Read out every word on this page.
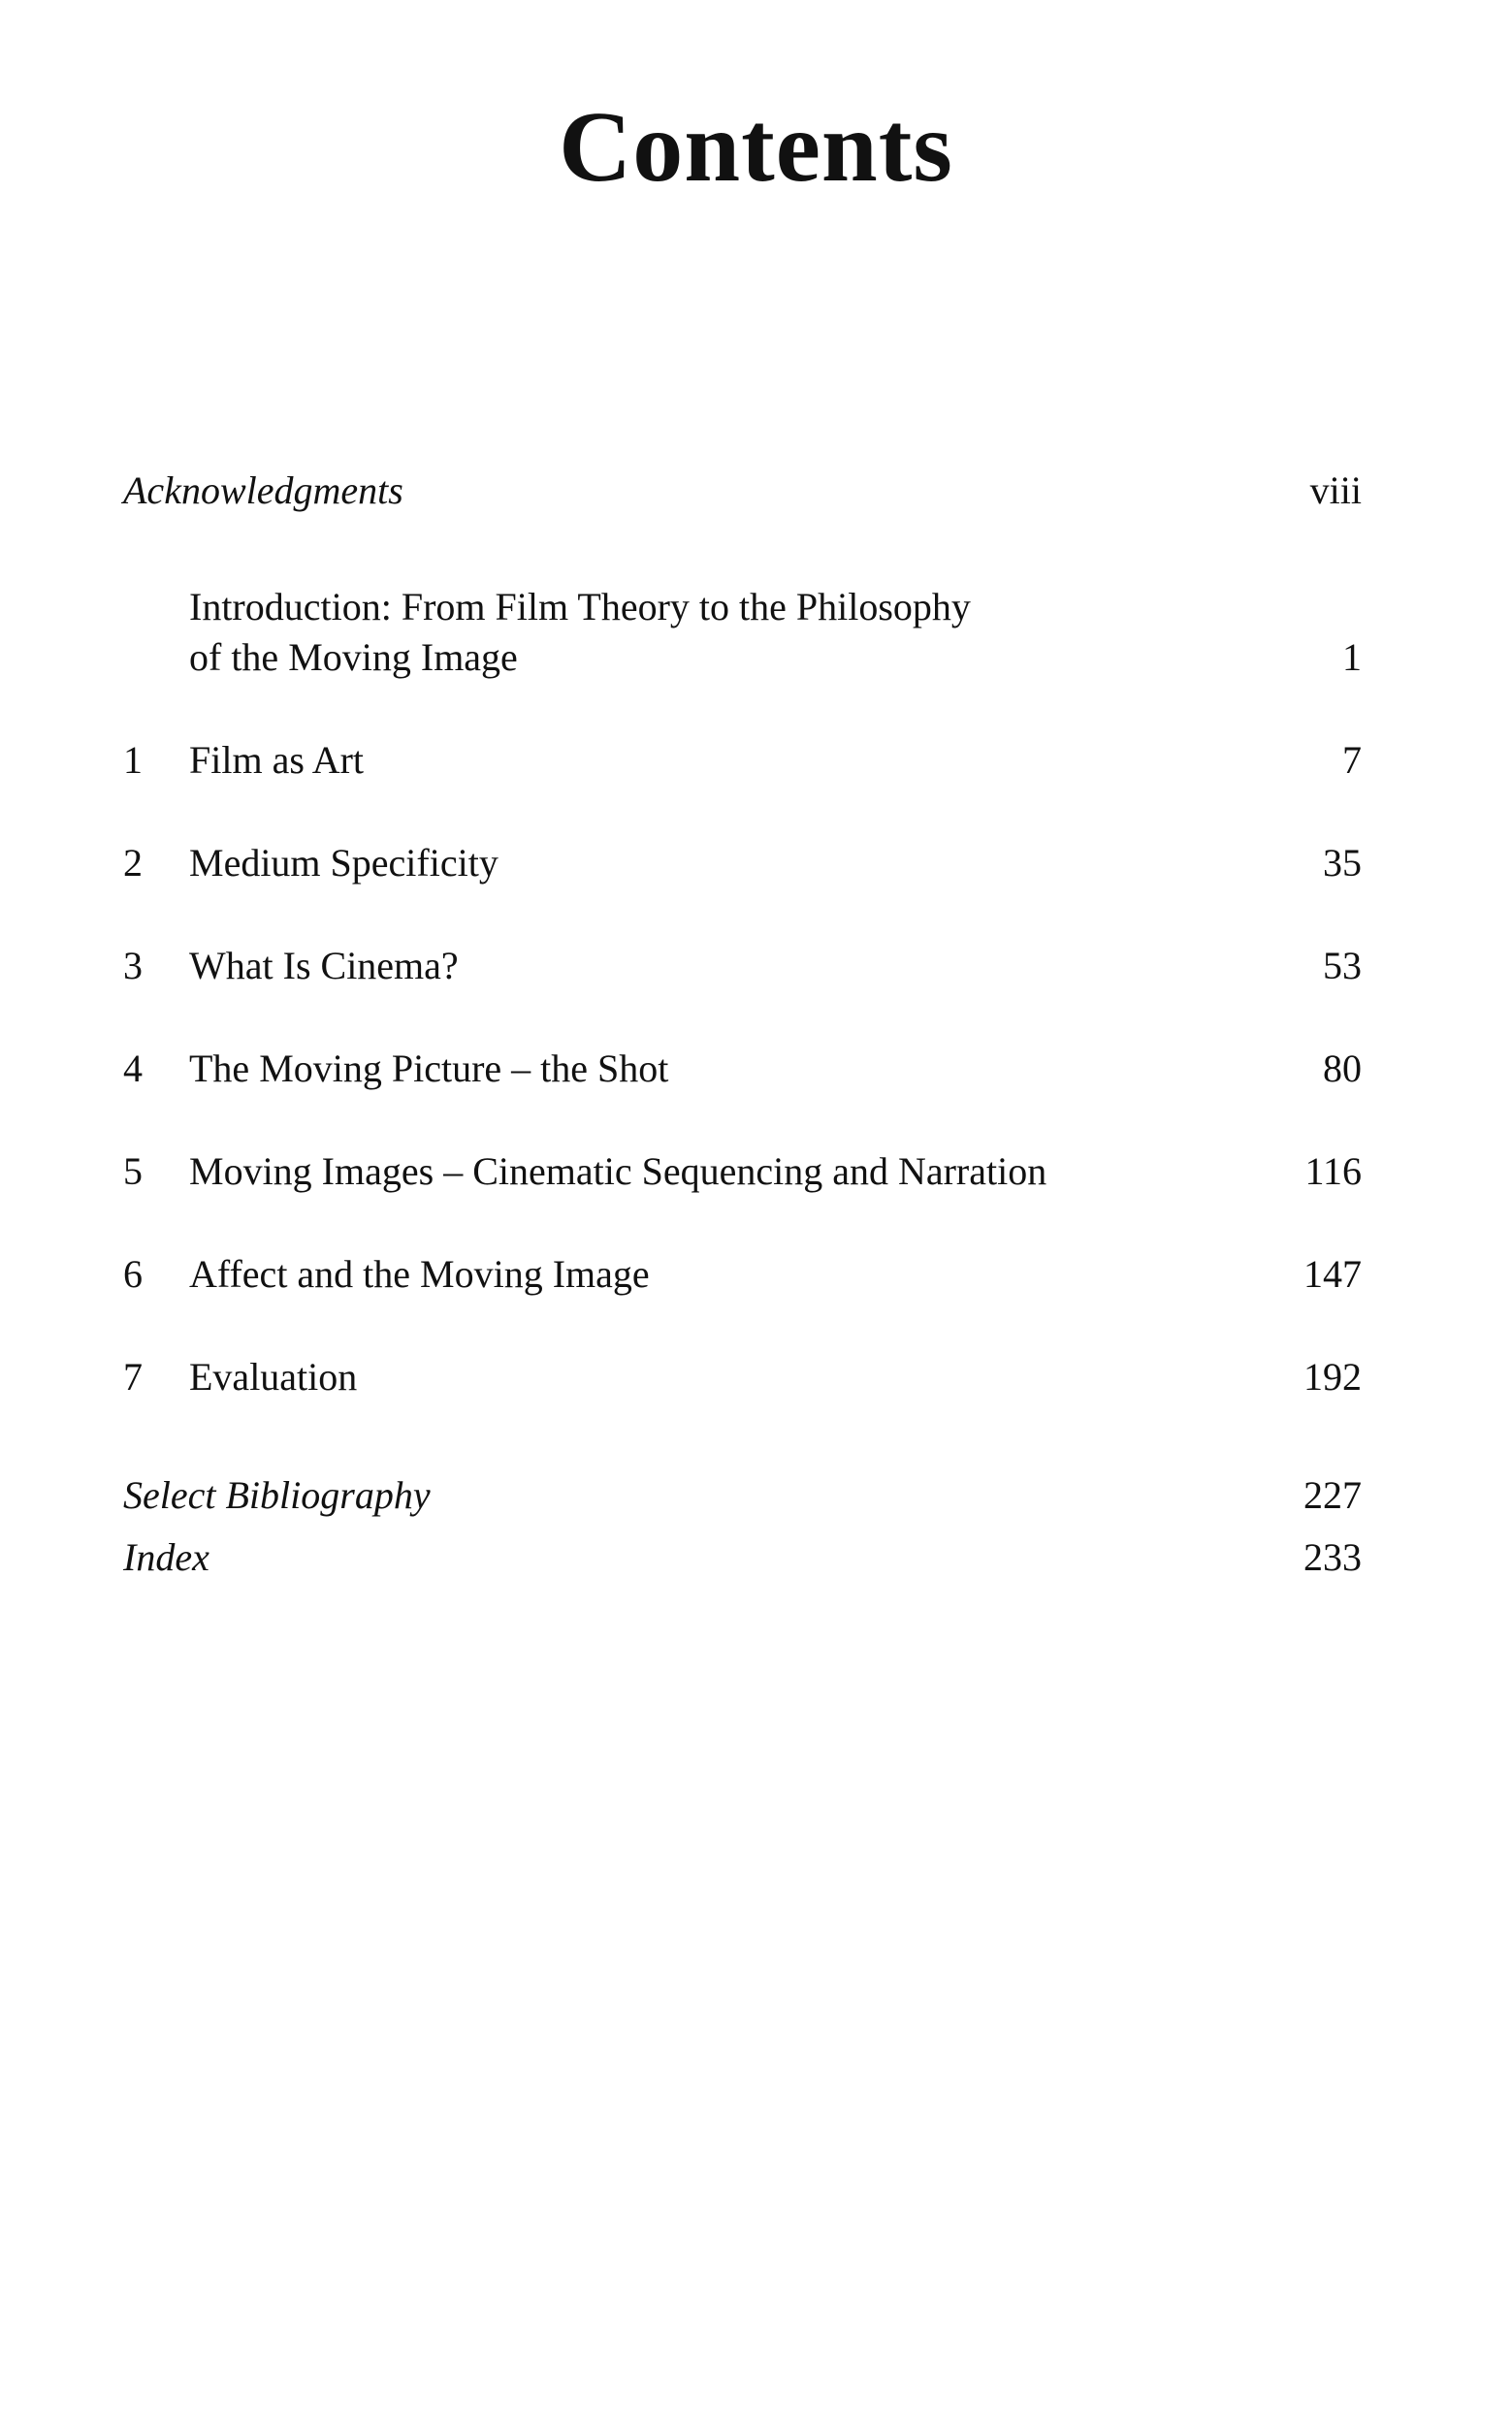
Contents
Acknowledgments	viii
Introduction: From Film Theory to the Philosophy
of the Moving Image	1
1 Film as Art	7
2 Medium Specificity	35
3 What Is Cinema?	53
4 The Moving Picture – the Shot	80
5 Moving Images – Cinematic Sequencing and Narration	116
6 Affect and the Moving Image	147
7 Evaluation	192
Select Bibliography	227
Index	233
